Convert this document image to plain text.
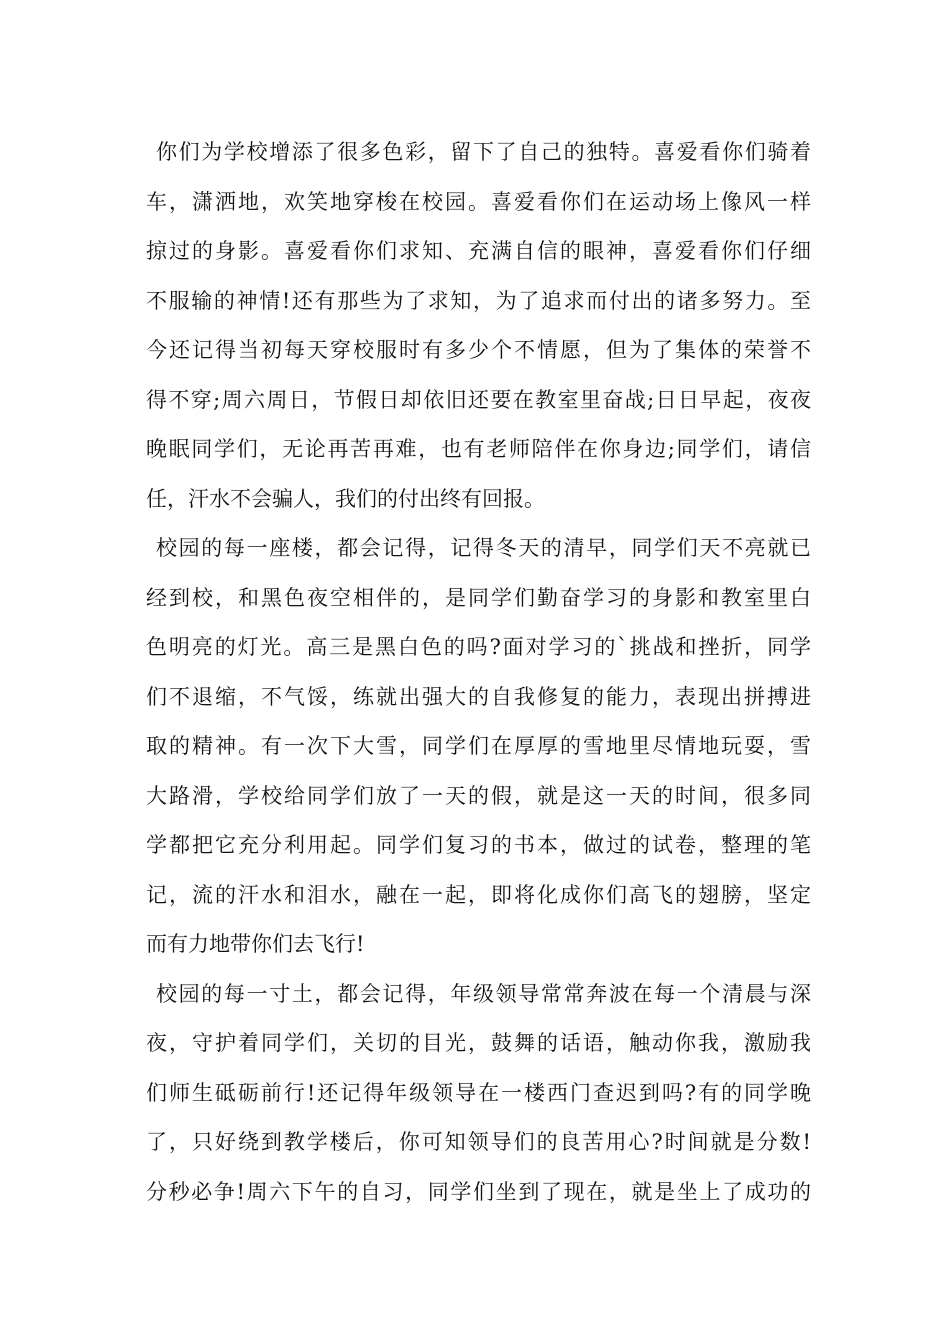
你们为学校增添了很多色彩，留下了自己的独特。喜爱看你们骑着
车，潇洒地，欢笑地穿梭在校园。喜爱看你们在运动场上像风一样
掠过的身影。喜爱看你们求知、充满自信的眼神，喜爱看你们仔细
不服输的神情!还有那些为了求知，为了追求而付出的诸多努力。至
今还记得当初每天穿校服时有多少个不情愿，但为了集体的荣誉不
得不穿;周六周日，节假日却依旧还要在教室里奋战;日日早起，夜夜
晚眠同学们，无论再苦再难，也有老师陪伴在你身边;同学们，请信
任，汗水不会骗人，我们的付出终有回报。
校园的每一座楼，都会记得，记得冬天的清早，同学们天不亮就已
经到校，和黑色夜空相伴的，是同学们勤奋学习的身影和教室里白
色明亮的灯光。高三是黑白色的吗?面对学习的`挑战和挫折，同学
们不退缩，不气馁，练就出强大的自我修复的能力，表现出拼搏进
取的精神。有一次下大雪，同学们在厚厚的雪地里尽情地玩耍，雪
大路滑，学校给同学们放了一天的假，就是这一天的时间，很多同
学都把它充分利用起。同学们复习的书本，做过的试卷，整理的笔
记，流的汗水和泪水，融在一起，即将化成你们高飞的翅膀，坚定
而有力地带你们去飞行!
校园的每一寸土，都会记得，年级领导常常奔波在每一个清晨与深
夜，守护着同学们，关切的目光，鼓舞的话语，触动你我，激励我
们师生砥砺前行!还记得年级领导在一楼西门查迟到吗?有的同学晚
了，只好绕到教学楼后，你可知领导们的良苦用心?时间就是分数!
分秒必争!周六下午的自习，同学们坐到了现在，就是坐上了成功的
